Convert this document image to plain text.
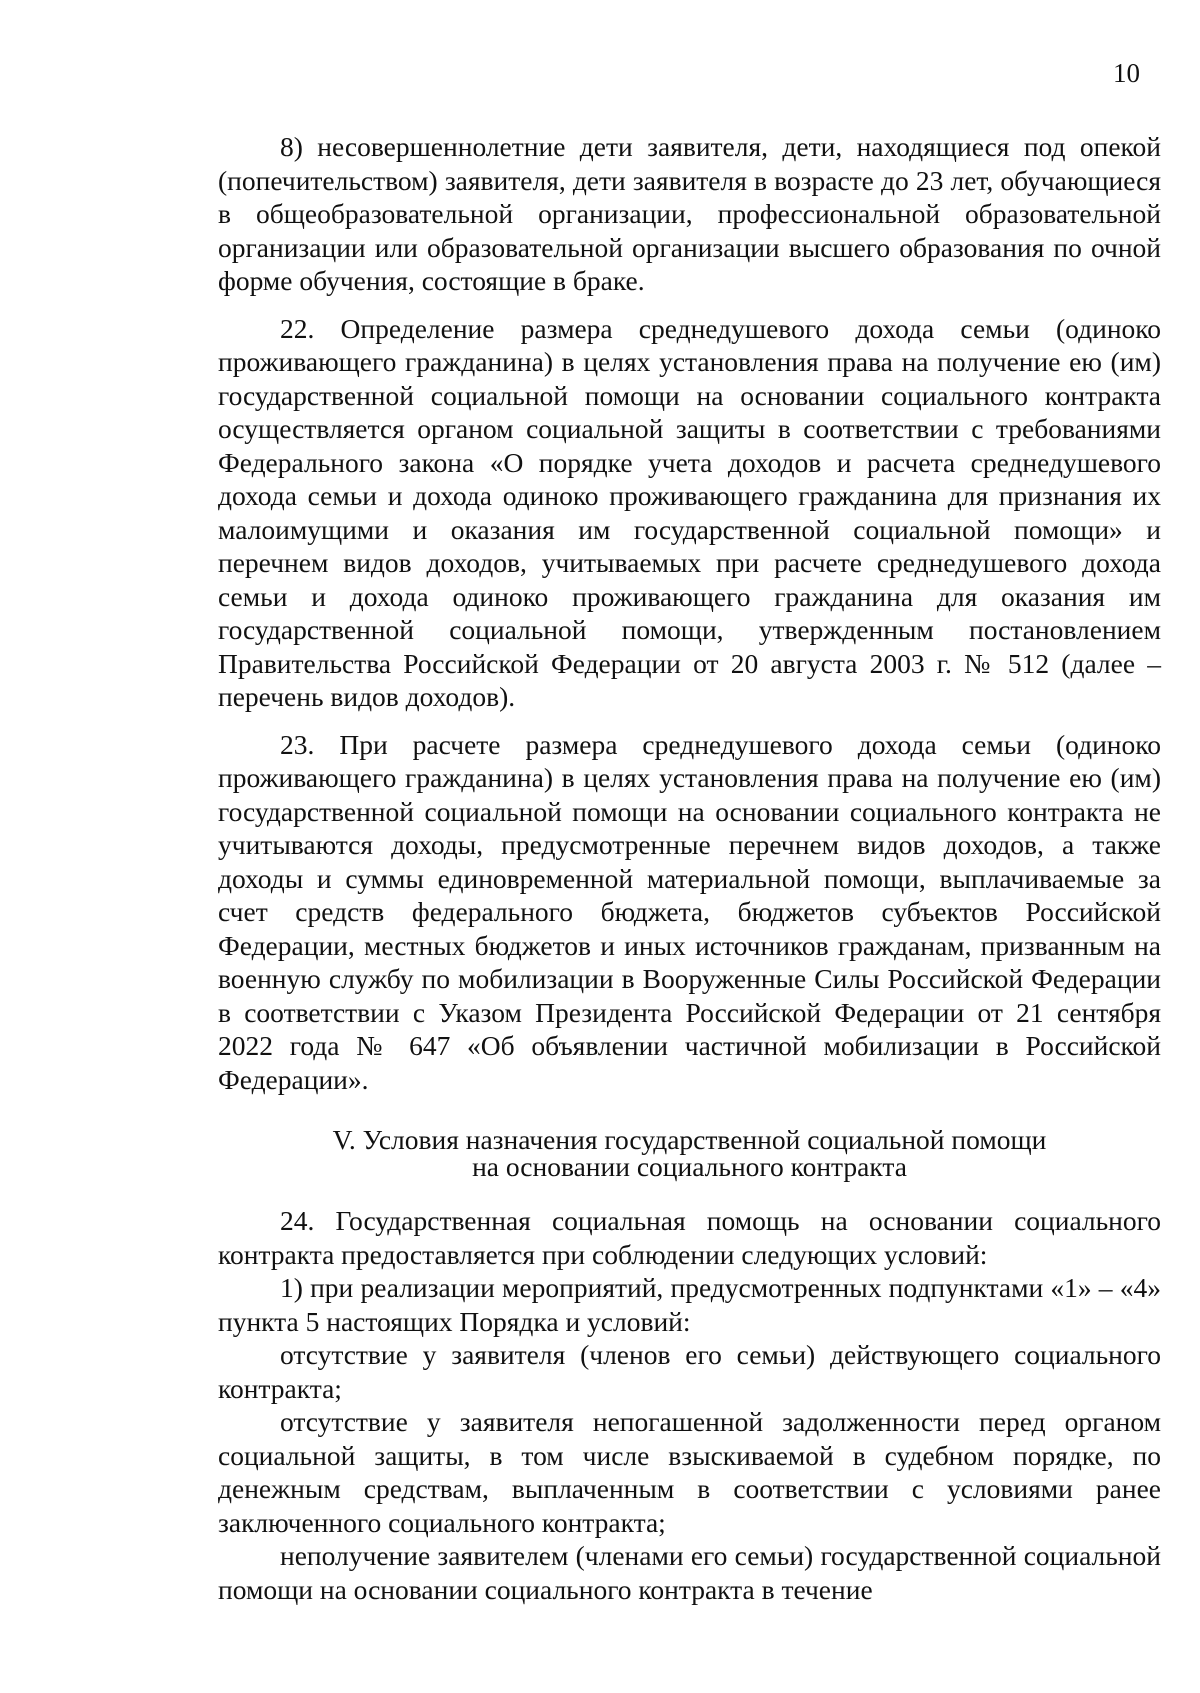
10

8) несовершеннолетние дети заявителя, дети, находящиеся под опекой (попечительством) заявителя, дети заявителя в возрасте до 23 лет, обучающиеся в общеобразовательной организации, профессиональной образовательной организации или образовательной организации высшего образования по очной форме обучения, состоящие в браке.

22. Определение размера среднедушевого дохода семьи (одиноко проживающего гражданина) в целях установления права на получение ею (им) государственной социальной помощи на основании социального контракта осуществляется органом социальной защиты в соответствии с требованиями Федерального закона «О порядке учета доходов и расчета среднедушевого дохода семьи и дохода одиноко проживающего гражданина для признания их малоимущими и оказания им государственной социальной помощи» и перечнем видов доходов, учитываемых при расчете среднедушевого дохода семьи и дохода одиноко проживающего гражданина для оказания им государственной социальной помощи, утвержденным постановлением Правительства Российской Федерации от 20 августа 2003 г. № 512 (далее – перечень видов доходов).

23. При расчете размера среднедушевого дохода семьи (одиноко проживающего гражданина) в целях установления права на получение ею (им) государственной социальной помощи на основании социального контракта не учитываются доходы, предусмотренные перечнем видов доходов, а также доходы и суммы единовременной материальной помощи, выплачиваемые за счет средств федерального бюджета, бюджетов субъектов Российской Федерации, местных бюджетов и иных источников гражданам, призванным на военную службу по мобилизации в Вооруженные Силы Российской Федерации в соответствии с Указом Президента Российской Федерации от 21 сентября 2022 года № 647 «Об объявлении частичной мобилизации в Российской Федерации».

V. Условия назначения государственной социальной помощи
на основании социального контракта

24. Государственная социальная помощь на основании социального контракта предоставляется при соблюдении следующих условий:

1) при реализации мероприятий, предусмотренных подпунктами «1» – «4» пункта 5 настоящих Порядка и условий:

отсутствие у заявителя (членов его семьи) действующего социального контракта;

отсутствие у заявителя непогашенной задолженности перед органом социальной защиты, в том числе взыскиваемой в судебном порядке, по денежным средствам, выплаченным в соответствии с условиями ранее заключенного социального контракта;

неполучение заявителем (членами его семьи) государственной социальной помощи на основании социального контракта в течение
